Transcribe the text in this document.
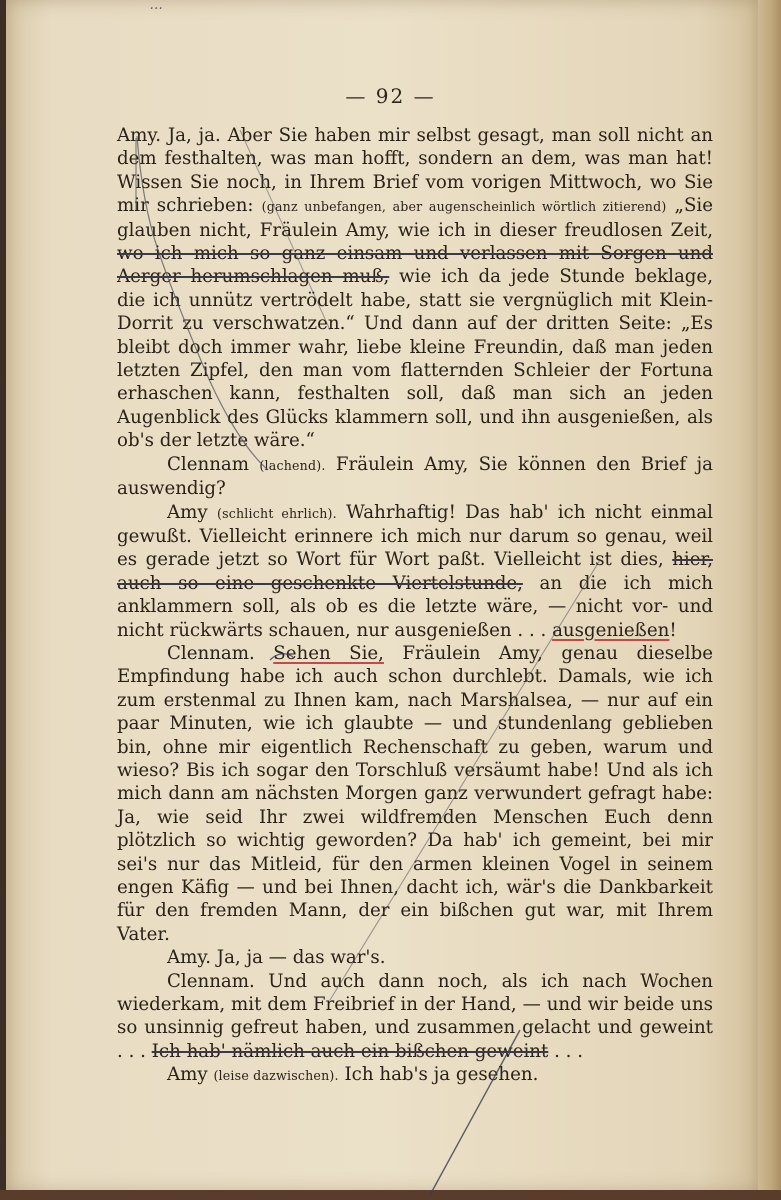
...
— 92 —

Amy. Ja, ja. Aber Sie haben mir selbst gesagt, man soll nicht an dem festhalten, was man hofft, sondern an dem, was man hat! Wissen Sie noch, in Ihrem Brief vom vorigen Mittwoch, wo Sie mir schrieben: (ganz unbefangen, aber augenscheinlich wörtlich zitierend) „Sie glauben nicht, Fräulein Amy, wie ich in dieser freudlosen Zeit, wo ich mich so ganz einsam und verlassen mit Sorgen und Aerger herumschlagen muß, wie ich da jede Stunde beklage, die ich unnütz vertrödelt habe, statt sie vergnüglich mit Klein-Dorrit zu verschwatzen.“ Und dann auf der dritten Seite: „Es bleibt doch immer wahr, liebe kleine Freundin, daß man jeden letzten Zipfel, den man vom flatternden Schleier der Fortuna erhaschen kann, festhalten soll, daß man sich an jeden Augenblick des Glücks klammern soll, und ihn ausgenießen, als ob's der letzte wäre.“

Clennam (lachend). Fräulein Amy, Sie können den Brief ja auswendig?

Amy (schlicht ehrlich). Wahrhaftig! Das hab' ich nicht einmal gewußt. Vielleicht erinnere ich mich nur darum so genau, weil es gerade jetzt so Wort für Wort paßt. Vielleicht ist dies, hier, auch so eine geschenkte Viertelstunde, an die ich mich anklammern soll, als ob es die letzte wäre, — nicht vor- und nicht rückwärts schauen, nur ausgenießen . . . ausgenießen!

Clennam. Sehen Sie, Fräulein Amy, genau dieselbe Empfindung habe ich auch schon durchlebt. Damals, wie ich zum erstenmal zu Ihnen kam, nach Marshalsea, — nur auf ein paar Minuten, wie ich glaubte — und stundenlang geblieben bin, ohne mir eigentlich Rechenschaft zu geben, warum und wieso? Bis ich sogar den Torschluß versäumt habe! Und als ich mich dann am nächsten Morgen ganz verwundert gefragt habe: Ja, wie seid Ihr zwei wildfremden Menschen Euch denn plötzlich so wichtig geworden? Da hab' ich gemeint, bei mir sei's nur das Mitleid, für den armen kleinen Vogel in seinem engen Käfig — und bei Ihnen, dacht ich, wär's die Dankbarkeit für den fremden Mann, der ein bißchen gut war, mit Ihrem Vater.

Amy. Ja, ja — das war's.

Clennam. Und auch dann noch, als ich nach Wochen wiederkam, mit dem Freibrief in der Hand, — und wir beide uns so unsinnig gefreut haben, und zusammen gelacht und geweint . . . Ich hab' nämlich auch ein bißchen geweint . . .

Amy (leise dazwischen). Ich hab's ja gesehen.
